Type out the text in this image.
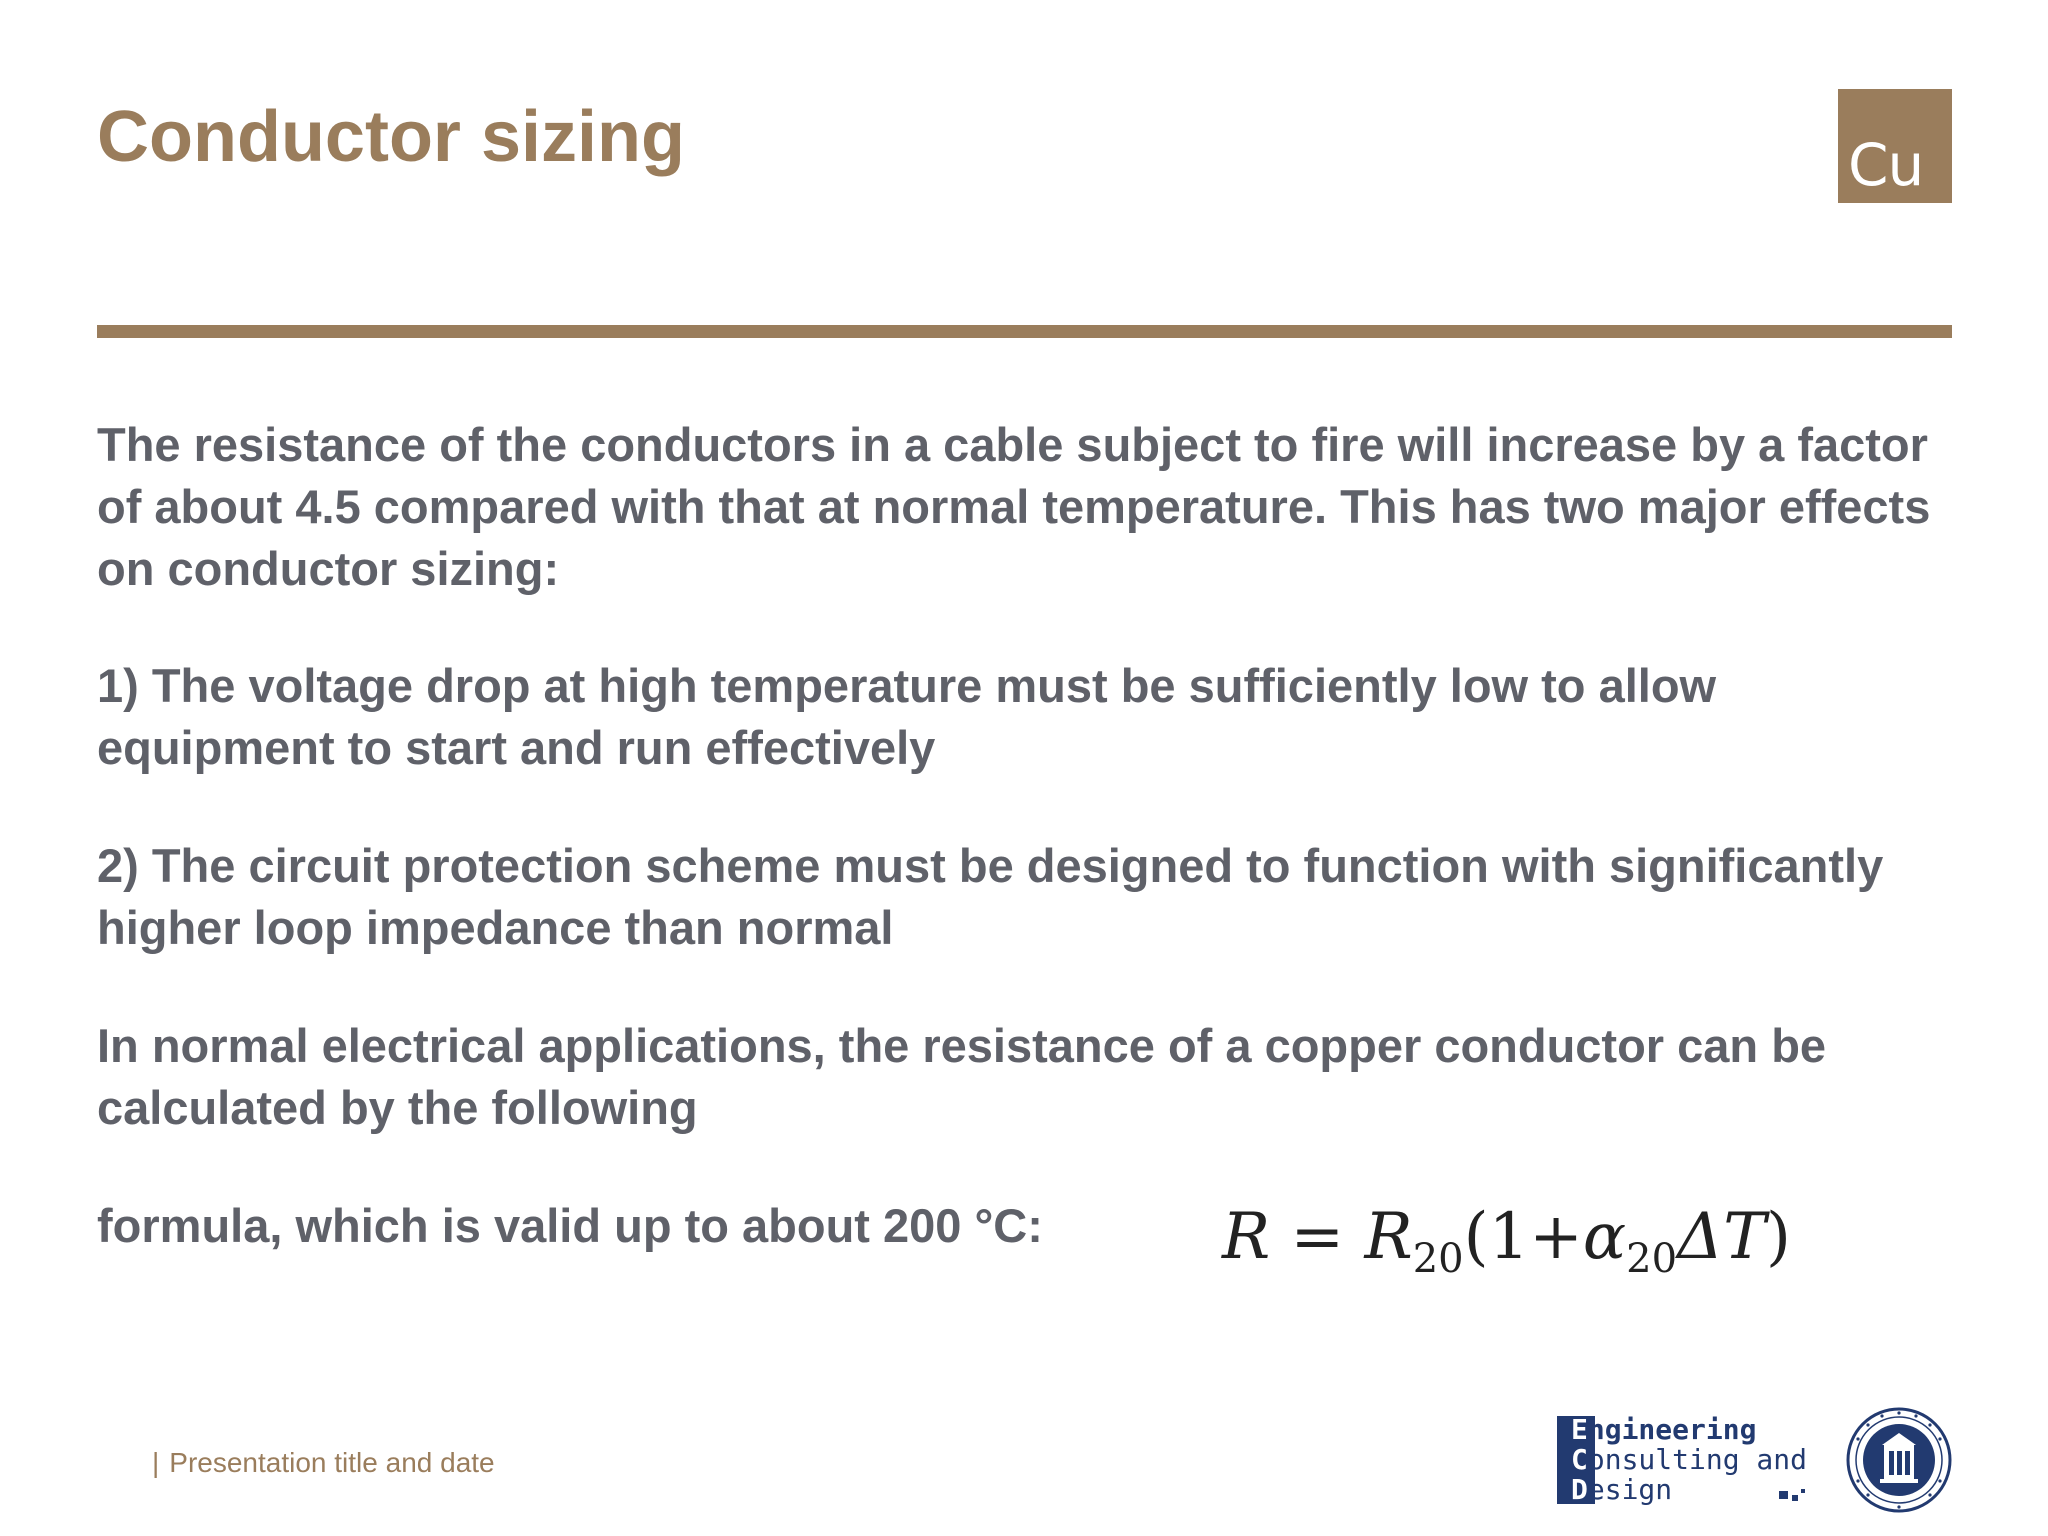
Conductor sizing	Cu
The resistance of the conductors in a cable subject to fire will increase by a factor of about 4.5 compared with that at normal temperature. This has two major effects on conductor sizing:
1) The voltage drop at high temperature must be sufficiently low to allow equipment to start and run effectively
2) The circuit protection scheme must be designed to function with significantly higher loop impedance than normal
In normal electrical applications, the resistance of a copper conductor can be calculated by the following
formula, which is valid up to about 200 °C:	$R = R_{20}(1+\alpha_{20}\Delta T)$
| Presentation title and date
Engineering
Consulting and
Design
